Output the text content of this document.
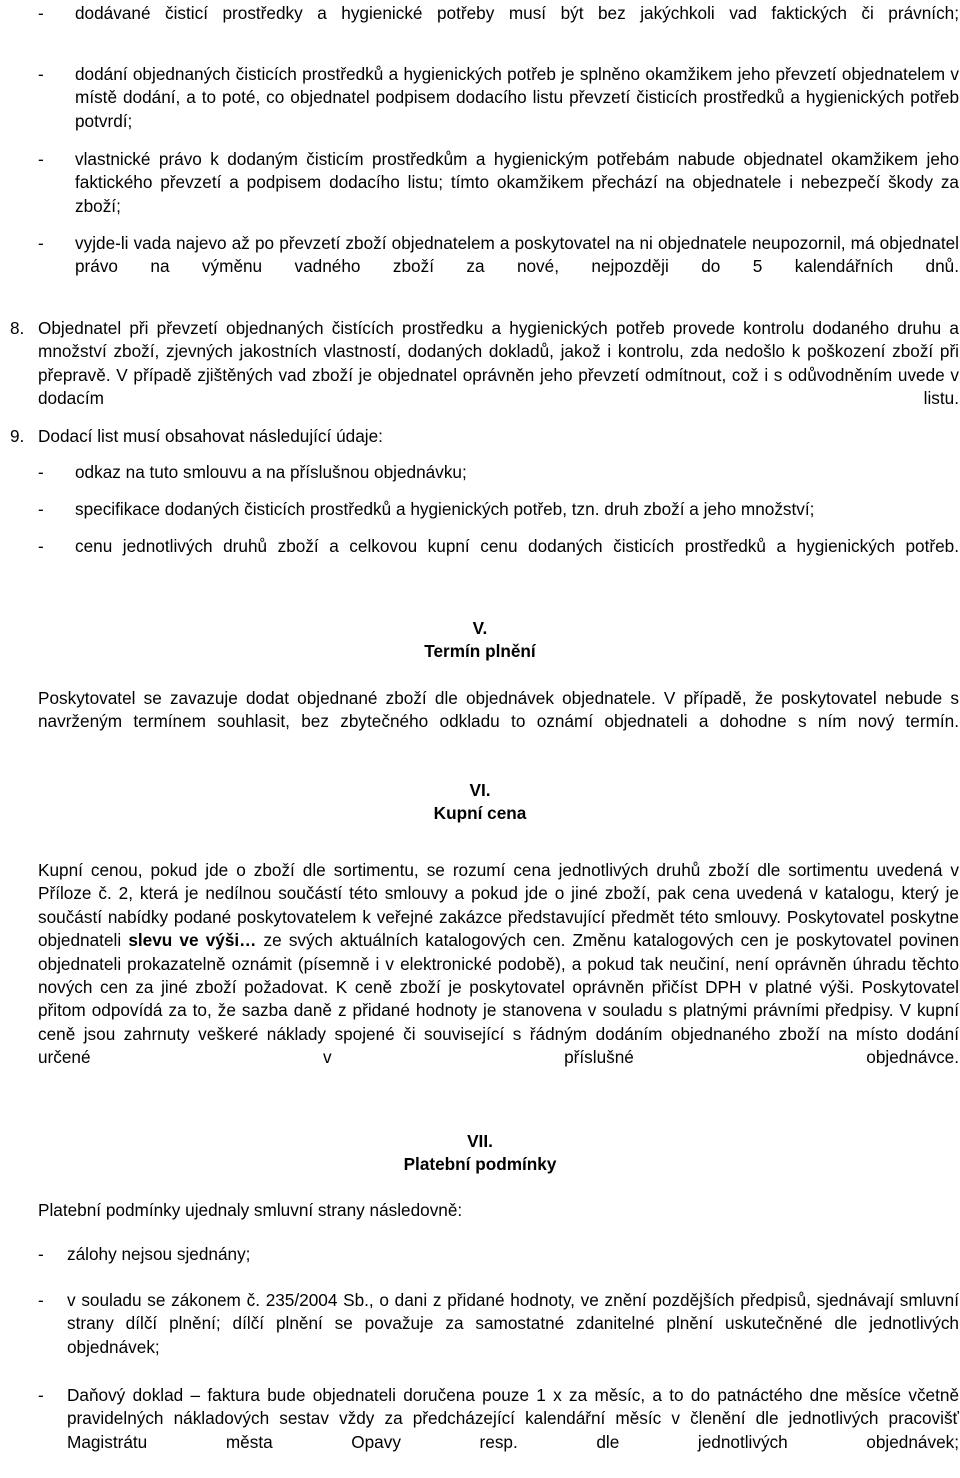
- dodávané čisticí prostředky a hygienické potřeby musí být bez jakýchkoli vad faktických či právních;

- dodání objednaných čisticích prostředků a hygienických potřeb je splněno okamžikem jeho převzetí objednatelem v místě dodání, a to poté, co objednatel podpisem dodacího listu převzetí čisticích prostředků a hygienických potřeb potvrdí;

- vlastnické právo k dodaným čisticím prostředkům a hygienickým potřebám nabude objednatel okamžikem jeho faktického převzetí a podpisem dodacího listu; tímto okamžikem přechází na objednatele i nebezpečí škody za zboží;

- vyjde-li vada najevo až po převzetí zboží objednatelem a poskytovatel na ni objednatele neupozornil, má objednatel právo na výměnu vadného zboží za nové, nejpozději do 5 kalendářních dnů.

8. Objednatel při převzetí objednaných čistících prostředku a hygienických potřeb provede kontrolu dodaného druhu a množství zboží, zjevných jakostních vlastností, dodaných dokladů, jakož i kontrolu, zda nedošlo k poškození zboží při přepravě. V případě zjištěných vad zboží je objednatel oprávněn jeho převzetí odmítnout, což i s odůvodněním uvede v dodacím listu.

9. Dodací list musí obsahovat následující údaje:

- odkaz na tuto smlouvu a na příslušnou objednávku;

- specifikace dodaných čisticích prostředků a hygienických potřeb, tzn. druh zboží a jeho množství;

- cenu jednotlivých druhů zboží a celkovou kupní cenu dodaných čisticích prostředků a hygienických potřeb.

V.
Termín plnění

Poskytovatel se zavazuje dodat objednané zboží dle objednávek objednatele. V případě, že poskytovatel nebude s navrženým termínem souhlasit, bez zbytečného odkladu to oznámí objednateli a dohodne s ním nový termín.

VI.
Kupní cena

Kupní cenou, pokud jde o zboží dle sortimentu, se rozumí cena jednotlivých druhů zboží dle sortimentu uvedená v Příloze č. 2, která je nedílnou součástí této smlouvy a pokud jde o jiné zboží, pak cena uvedená v katalogu, který je součástí nabídky podané poskytovatelem k veřejné zakázce představující předmět této smlouvy. Poskytovatel poskytne objednateli slevu ve výši… ze svých aktuálních katalogových cen. Změnu katalogových cen je poskytovatel povinen objednateli prokazatelně oznámit (písemně i v elektronické podobě), a pokud tak neučiní, není oprávněn úhradu těchto nových cen za jiné zboží požadovat. K ceně zboží je poskytovatel oprávněn přičíst DPH v platné výši. Poskytovatel přitom odpovídá za to, že sazba daně z přidané hodnoty je stanovena v souladu s platnými právními předpisy. V kupní ceně jsou zahrnuty veškeré náklady spojené či související s řádným dodáním objednaného zboží na místo dodání určené v příslušné objednávce.

VII.
Platební podmínky

Platební podmínky ujednaly smluvní strany následovně:

- zálohy nejsou sjednány;

- v souladu se zákonem č. 235/2004 Sb., o dani z přidané hodnoty, ve znění pozdějších předpisů, sjednávají smluvní strany dílčí plnění; dílčí plnění se považuje za samostatné zdanitelné plnění uskutečněné dle jednotlivých objednávek;

- Daňový doklad – faktura bude objednateli doručena pouze 1 x za měsíc, a to do patnáctého dne měsíce včetně pravidelných nákladových sestav vždy za předcházející kalendářní měsíc v členění dle jednotlivých pracovišť Magistrátu města Opavy resp. dle jednotlivých objednávek;
